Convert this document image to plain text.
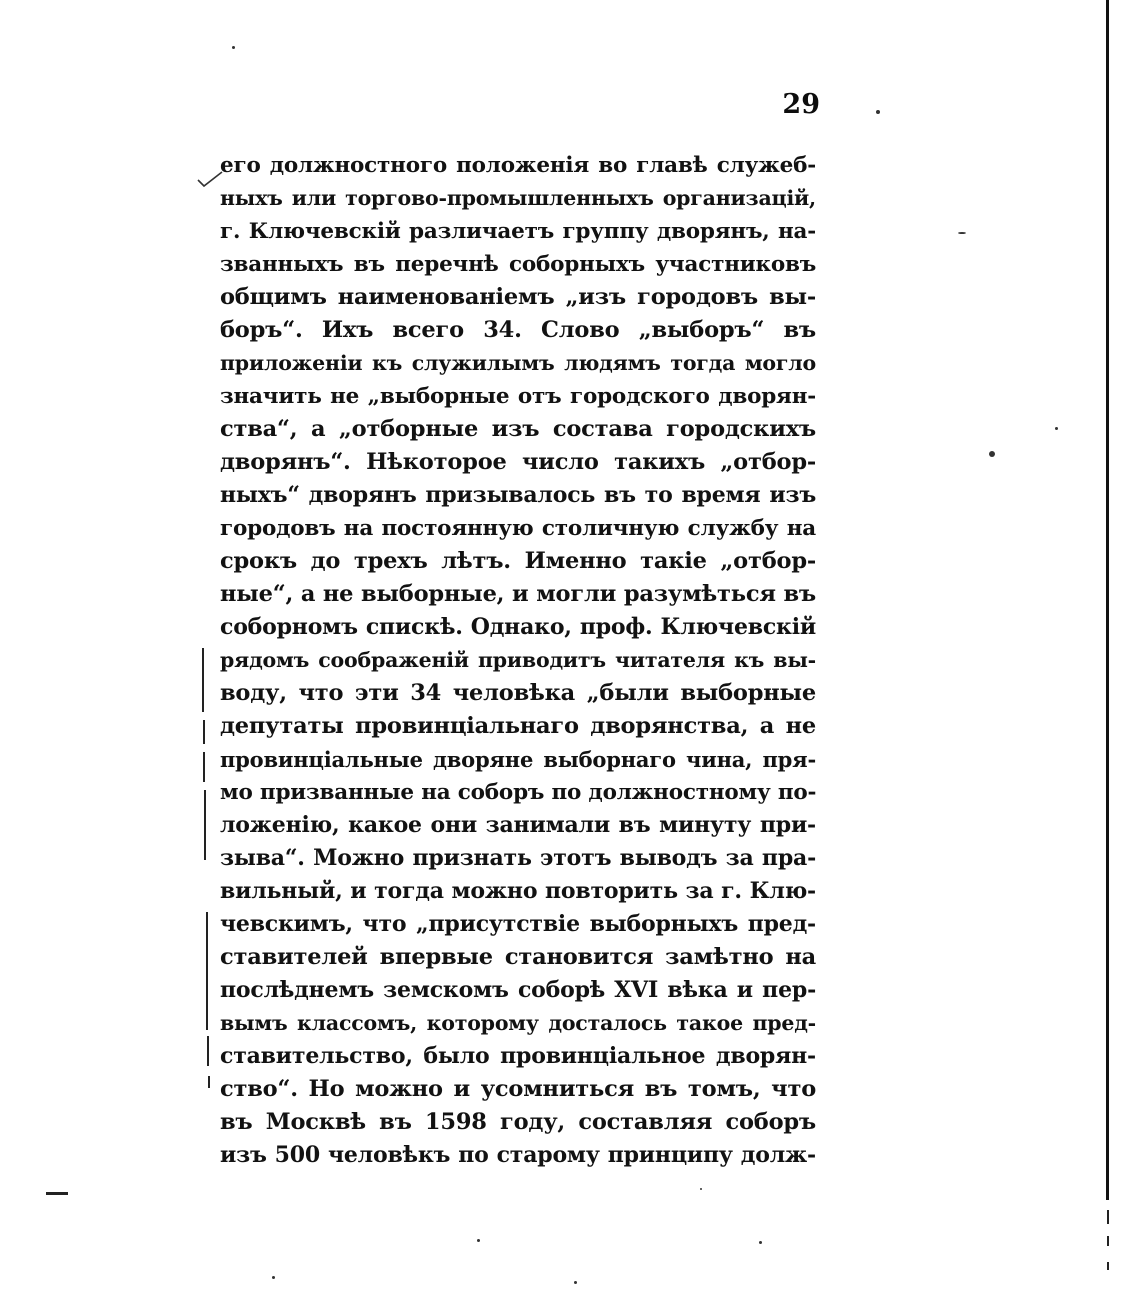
29
его должностного положенія во главѣ служеб-
ныхъ или торгово-промышленныхъ организацій,
г. Ключевскій различаетъ группу дворянъ, на-
званныхъ въ перечнѣ соборныхъ участниковъ
общимъ наименованіемъ „изъ городовъ вы-
боръ“. Ихъ всего 34. Слово „выборъ“ въ
приложеніи къ служилымъ людямъ тогда могло
значить не „выборные отъ городского дворян-
ства“, а „отборные изъ состава городскихъ
дворянъ“. Нѣкоторое число такихъ „отбор-
ныхъ“ дворянъ призывалось въ то время изъ
городовъ на постоянную столичную службу на
срокъ до трехъ лѣтъ. Именно такіе „отбор-
ные“, а не выборные, и могли разумѣться въ
соборномъ спискѣ. Однако, проф. Ключевскій
рядомъ соображеній приводитъ читателя къ вы-
воду, что эти 34 человѣка „были выборные
депутаты провинціальнаго дворянства, а не
провинціальные дворяне выборнаго чина, пря-
мо призванные на соборъ по должностному по-
ложенію, какое они занимали въ минуту при-
зыва“. Можно признать этотъ выводъ за пра-
вильный, и тогда можно повторить за г. Клю-
чевскимъ, что „присутствіе выборныхъ пред-
ставителей впервые становится замѣтно на
послѣднемъ земскомъ соборѣ XVI вѣка и пер-
вымъ классомъ, которому досталось такое пред-
ставительство, было провинціальное дворян-
ство“. Но можно и усомниться въ томъ, что
въ Москвѣ въ 1598 году, составляя соборъ
изъ 500 человѣкъ по старому принципу долж-
